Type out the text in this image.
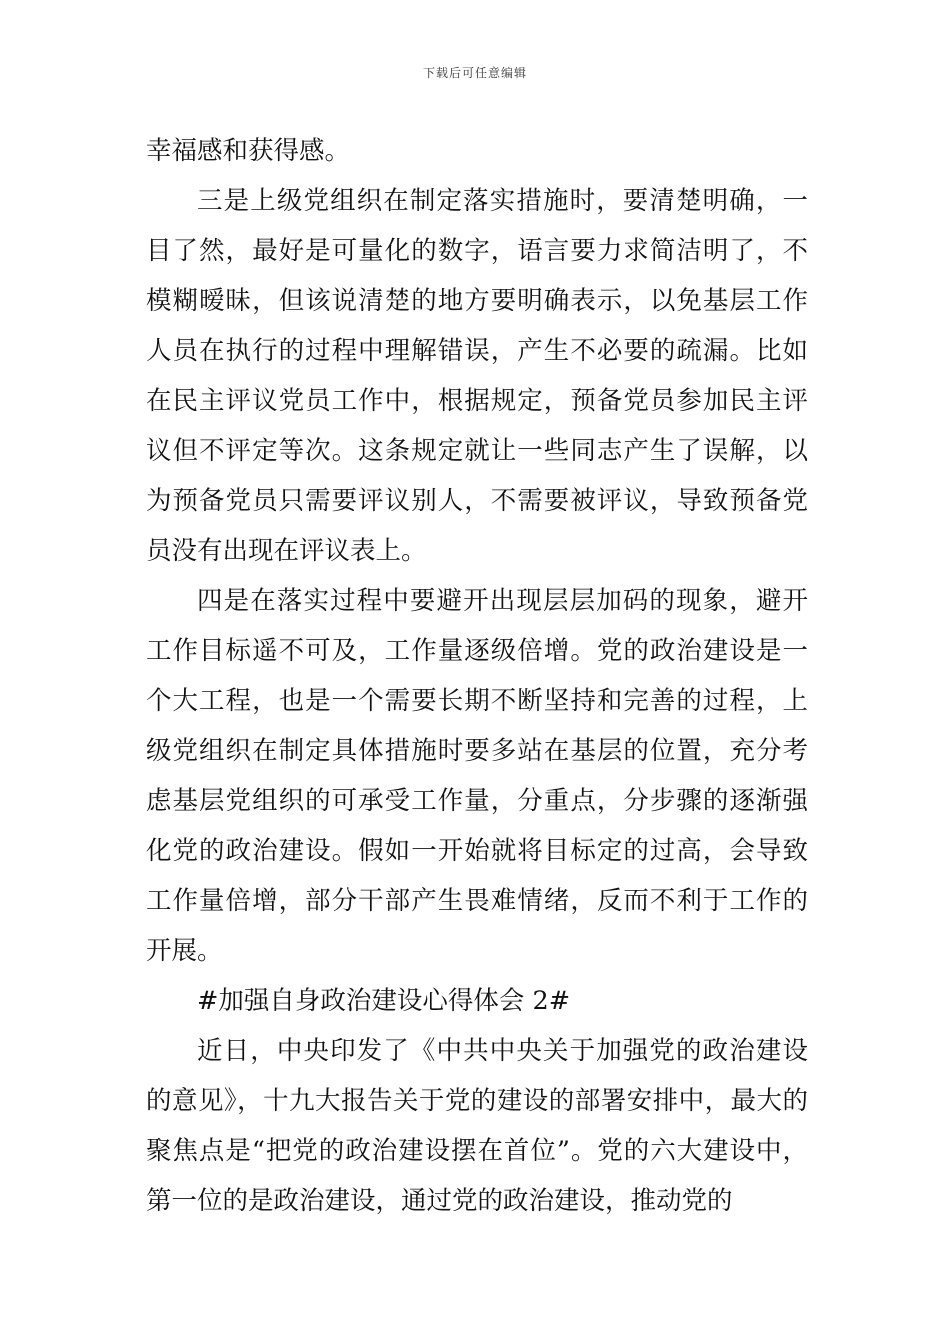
下载后可任意编辑

幸福感和获得感。

三是上级党组织在制定落实措施时，要清楚明确，一目了然，最好是可量化的数字，语言要力求简洁明了，不模糊暧昧，但该说清楚的地方要明确表示，以免基层工作人员在执行的过程中理解错误，产生不必要的疏漏。比如在民主评议党员工作中，根据规定，预备党员参加民主评议但不评定等次。这条规定就让一些同志产生了误解，以为预备党员只需要评议别人，不需要被评议，导致预备党员没有出现在评议表上。

四是在落实过程中要避开出现层层加码的现象，避开工作目标遥不可及，工作量逐级倍增。党的政治建设是一个大工程，也是一个需要长期不断坚持和完善的过程，上级党组织在制定具体措施时要多站在基层的位置，充分考虑基层党组织的可承受工作量，分重点，分步骤的逐渐强化党的政治建设。假如一开始就将目标定的过高，会导致工作量倍增，部分干部产生畏难情绪，反而不利于工作的开展。

#加强自身政治建设心得体会 2#

近日，中央印发了《中共中央关于加强党的政治建设的意见》，十九大报告关于党的建设的部署安排中，最大的聚焦点是“把党的政治建设摆在首位”。党的六大建设中，第一位的是政治建设，通过党的政治建设，推动党的
